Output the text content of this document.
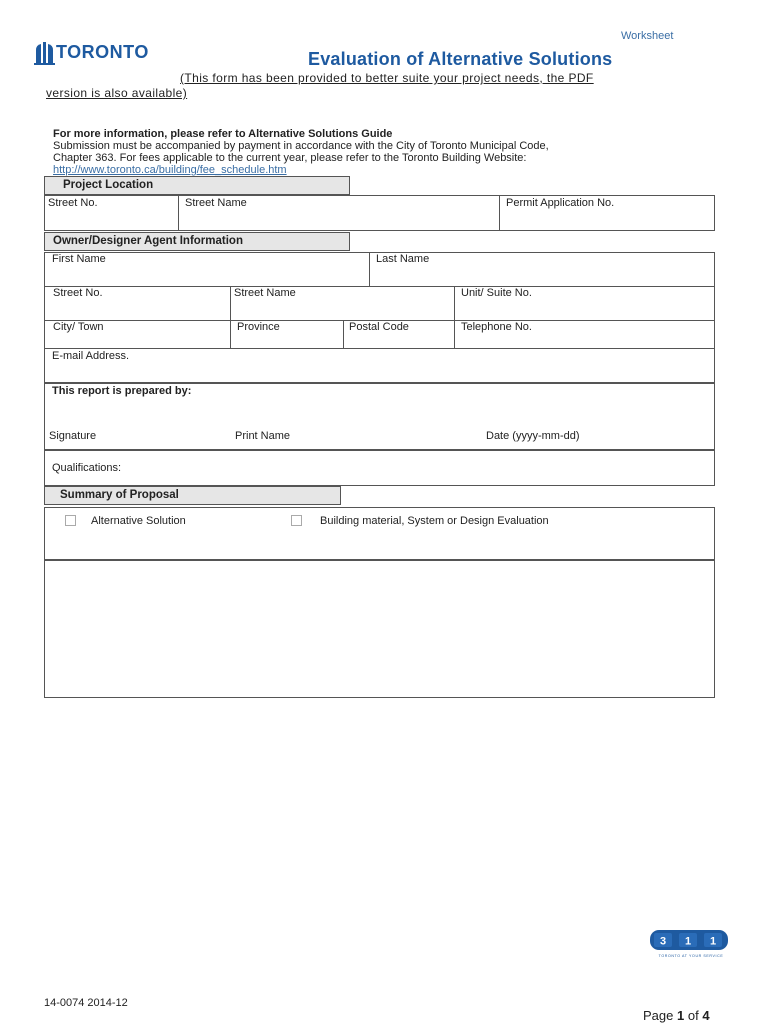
Worksheet
TORONTO	Evaluation of Alternative Solutions
(This form has been provided to better suite your project needs, the PDF
version is also available)
For more information, please refer to Alternative Solutions Guide
Submission must be accompanied by payment in accordance with the City of Toronto Municipal Code,
Chapter 363. For fees applicable to the current year, please refer to the Toronto Building Website:
http://www.toronto.ca/building/fee_schedule.htm
Project Location
Street No.	Street Name	Permit Application No.
Owner/Designer Agent Information
First Name	Last Name
Street No.	Street Name	Unit/ Suite No.
City/ Town	Province	Postal Code	Telephone No.
E-mail Address.
This report is prepared by:
Signature	Print Name	Date (yyyy-mm-dd)
Qualifications:
Summary of Proposal
Alternative Solution	Building material, System or Design Evaluation
3 1 1
TORONTO AT YOUR SERVICE
14-0074 2014-12
Page 1 of 4
